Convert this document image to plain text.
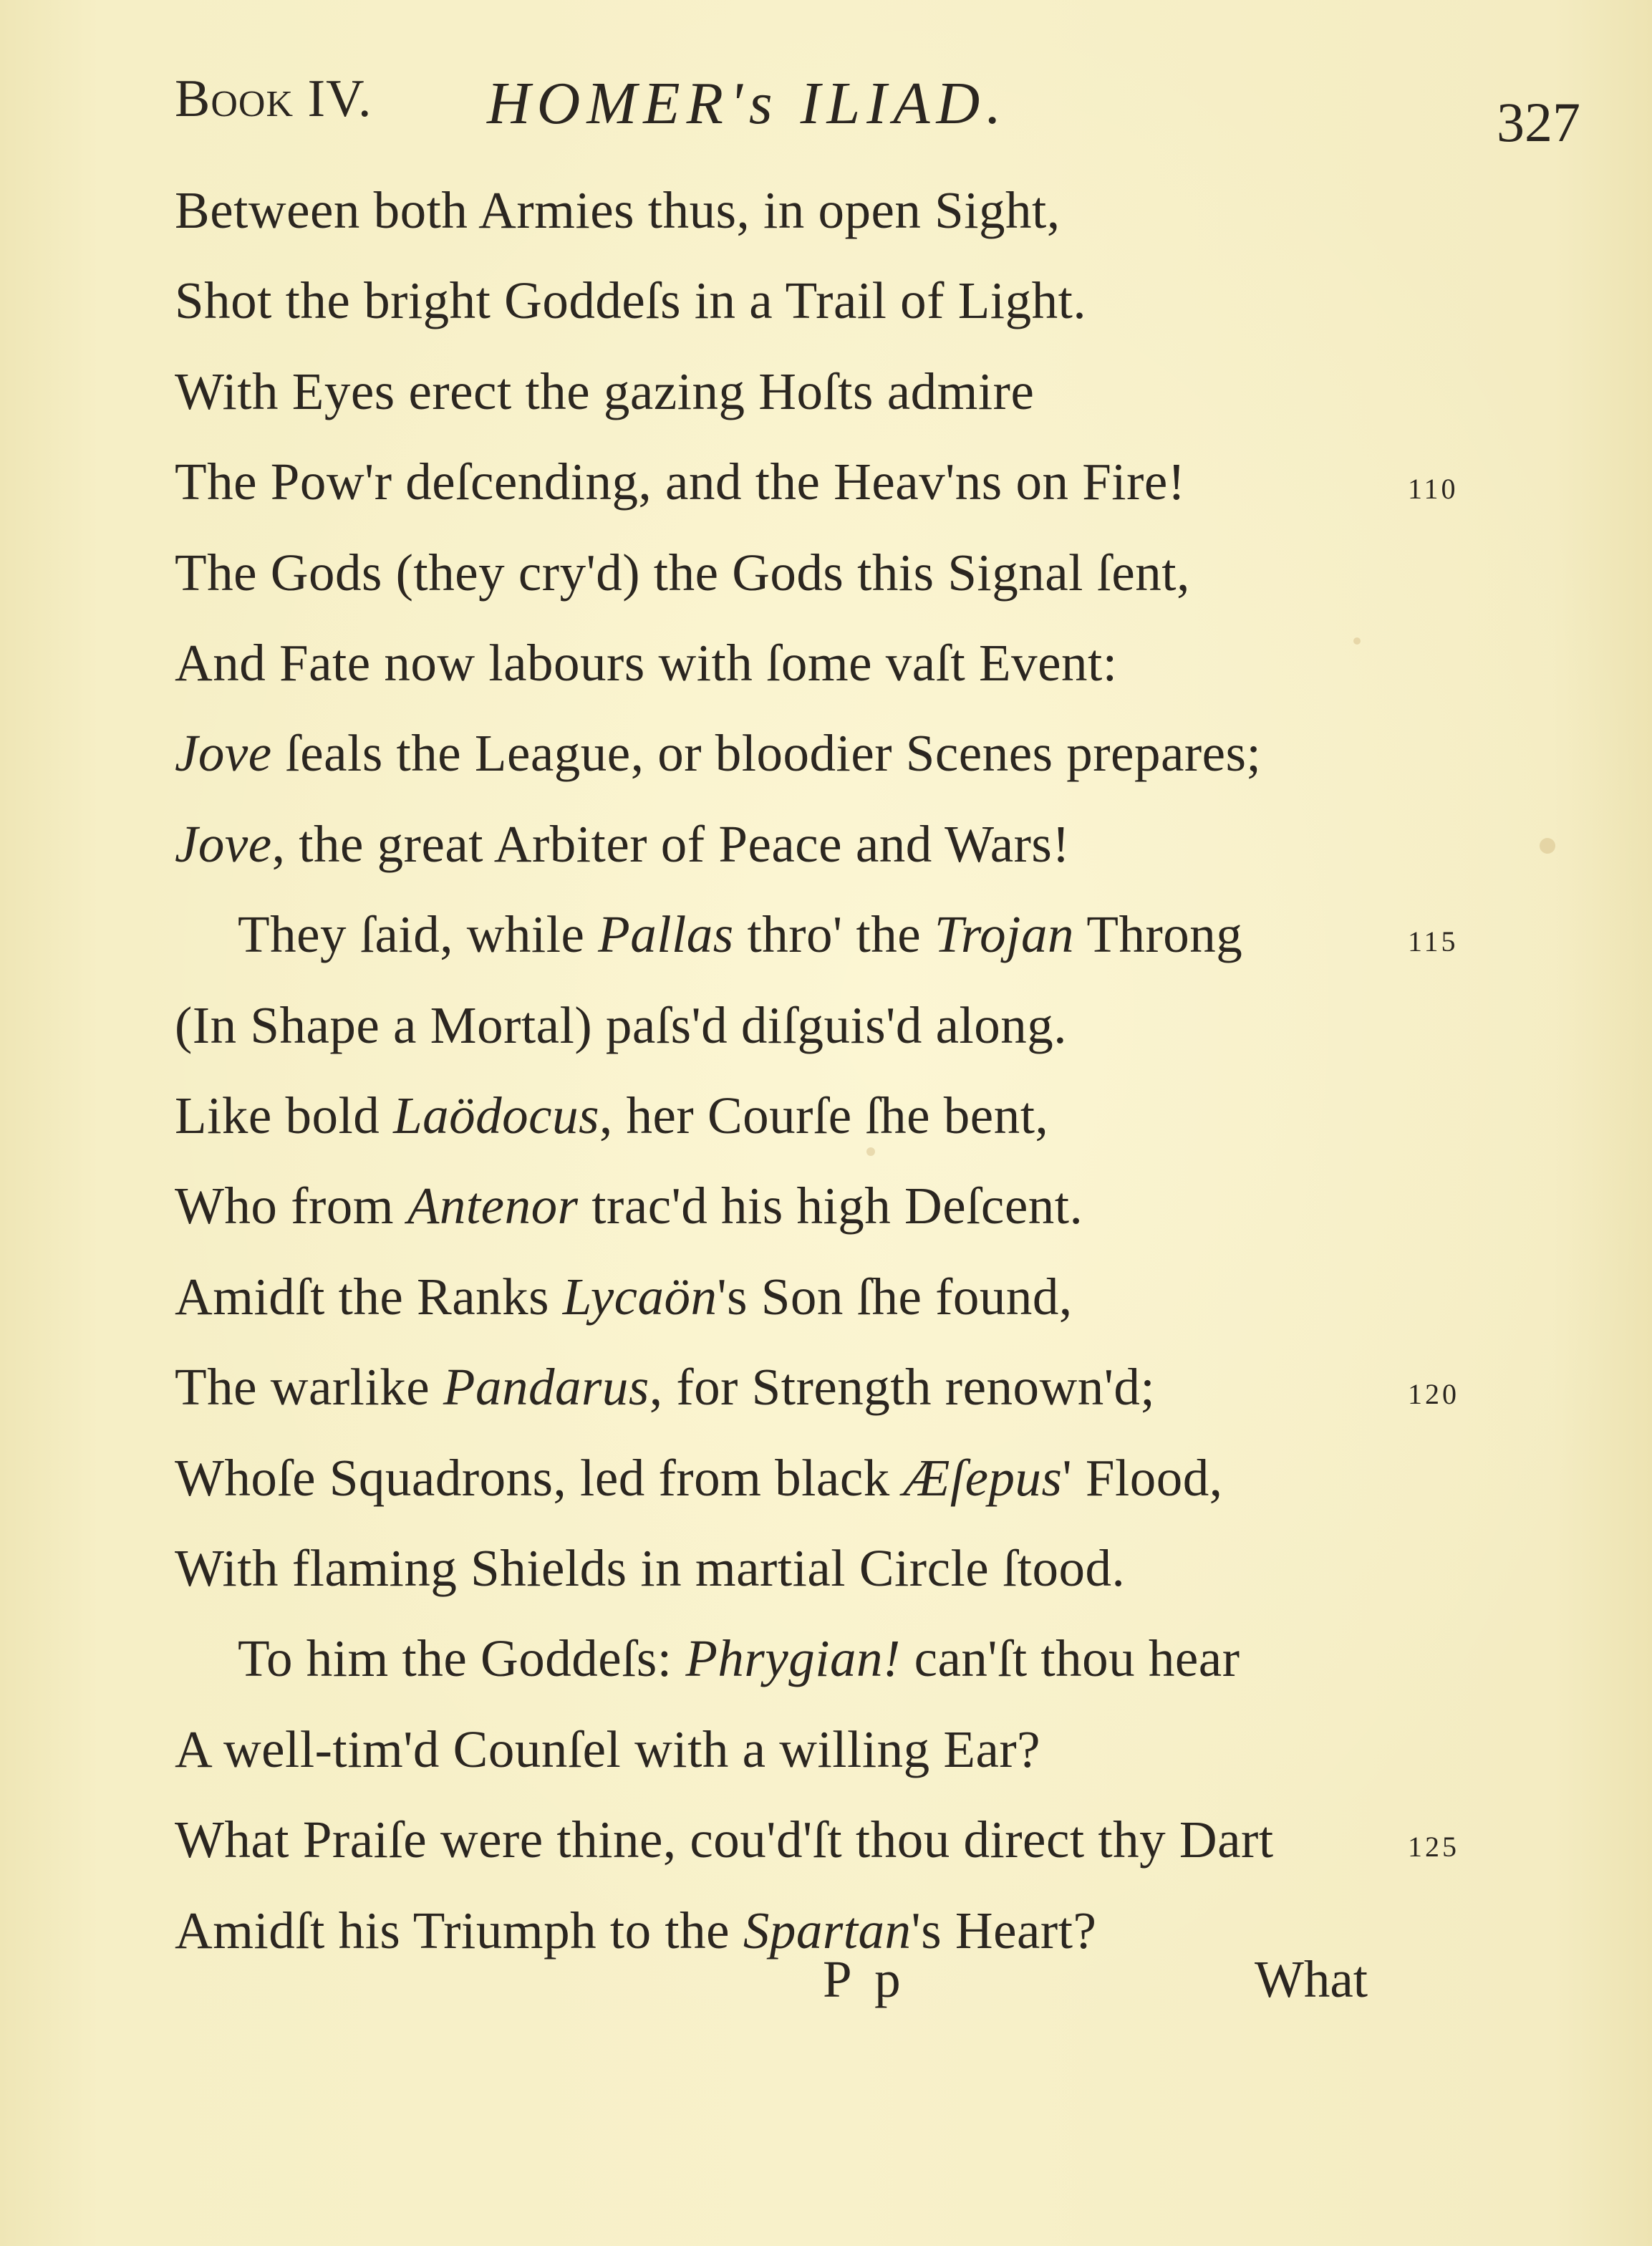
Book IV. HOMER's ILIAD.	327
Between both Armies thus, in open Sight,
Shot the bright Goddeſs in a Trail of Light.
With Eyes erect the gazing Hoſts admire
The Pow'r deſcending, and the Heav'ns on Fire!	110
The Gods (they cry'd) the Gods this Signal ſent,
And Fate now labours with ſome vaſt Event:
Jove ſeals the League, or bloodier Scenes prepares;
Jove, the great Arbiter of Peace and Wars!
They ſaid, while Pallas thro' the Trojan Throng	115
(In Shape a Mortal) paſs'd diſguis'd along.
Like bold Laödocus, her Courſe ſhe bent,
Who from Antenor trac'd his high Deſcent.
Amidſt the Ranks Lycaön's Son ſhe found,
The warlike Pandarus, for Strength renown'd;	120
Whoſe Squadrons, led from black Æſepus' Flood,
With flaming Shields in martial Circle ſtood.
To him the Goddeſs: Phrygian! can'ſt thou hear
A well-tim'd Counſel with a willing Ear?
What Praiſe were thine, cou'd'ſt thou direct thy Dart	125
Amidſt his Triumph to the Spartan's Heart?
P p	What
